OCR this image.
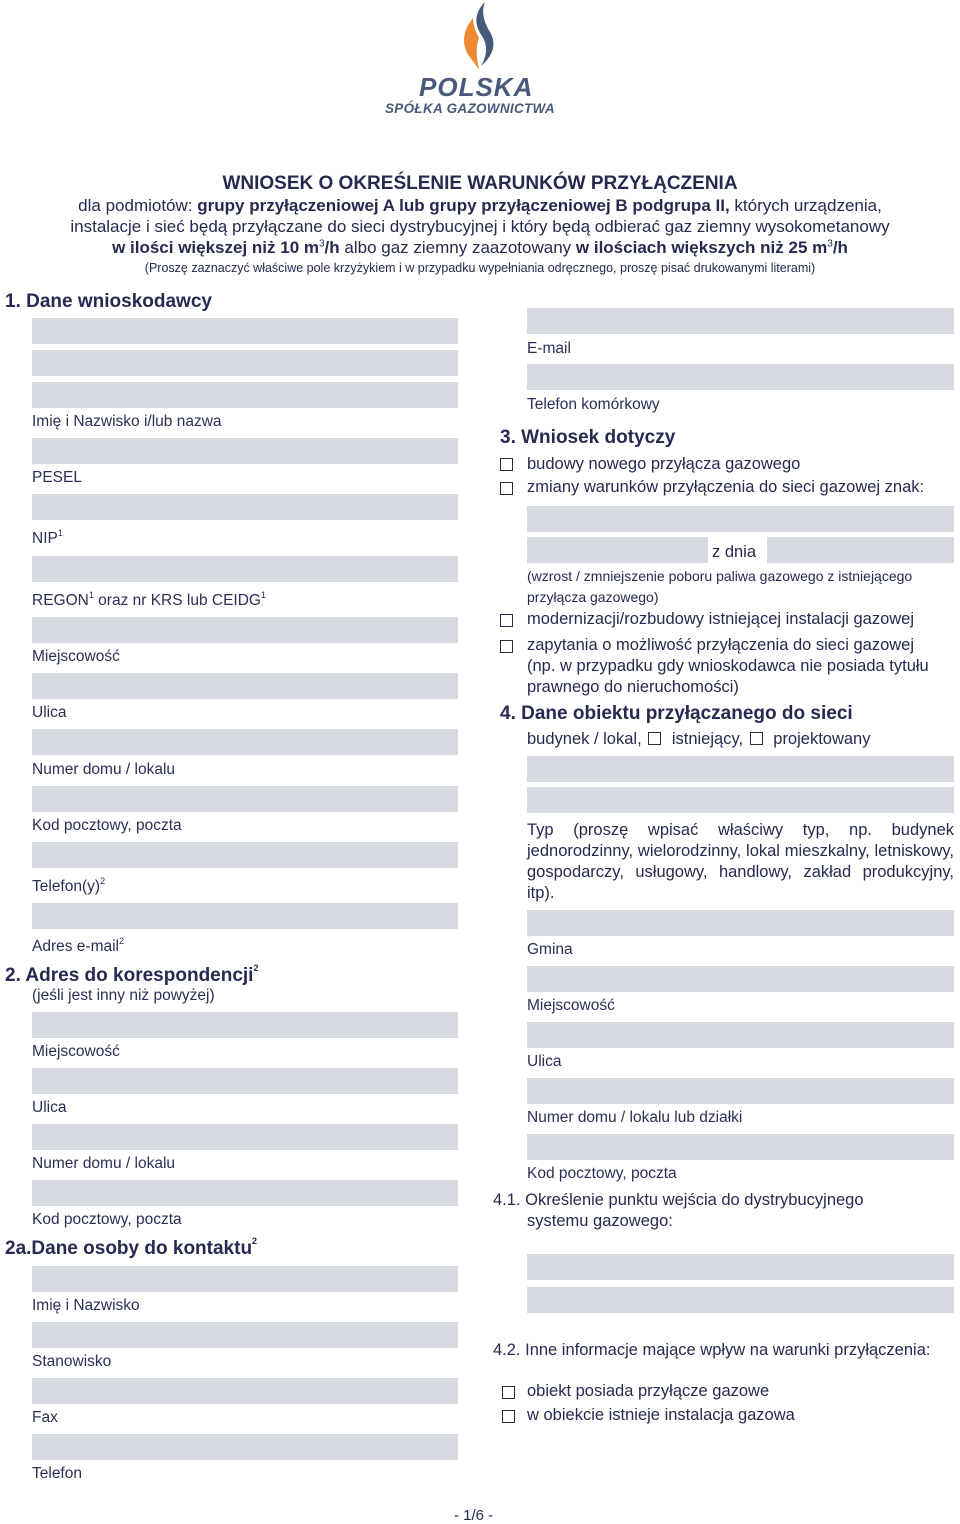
POLSKA
SPÓŁKA GAZOWNICTWA
WNIOSEK O OKREŚLENIE WARUNKÓW PRZYŁĄCZENIA
dla podmiotów: grupy przyłączeniowej A lub grupy przyłączeniowej B podgrupa II, których urządzenia,
instalacje i sieć będą przyłączane do sieci dystrybucyjnej i który będą odbierać gaz ziemny wysokometanowy
w ilości większej niż 10 $m^3/h$ albo gaz ziemny zaazotowany w ilościach większych niż 25 $m^3/h$
(Proszę zaznaczyć właściwe pole krzyżykiem i w przypadku wypełniania odręcznego, proszę pisać drukowanymi literami)
1. Dane wnioskodawcy
Imię i Nazwisko i/lub nazwa
PESEL
NIP$^1$
REGON$^1$ oraz nr KRS lub CEIDG$^1$
Miejscowość
Ulica
Numer domu / lokalu
Kod pocztowy, poczta
$Telefon(y)^2$
Adres e-mail$^2$
2. Adres do korespondencji$^2$
(jeśli jest inny niż powyżej)
Miejscowość
Ulica
Numer domu / lokalu
Kod pocztowy, poczta
2a.Dane osoby do kontaktu$^2$
Imię i Nazwisko
Stanowisko
Fax
Telefon
E-mail
Telefon komórkowy
3. Wniosek dotyczy
budowy nowego przyłącza gazowego
zmiany warunków przyłączenia do sieci gazowej znak:
z dnia
(wzrost / zmniejszenie poboru paliwa gazowego z istniejącego
przyłącza gazowego)
modernizacji/rozbudowy istniejącej instalacji gazowej
zapytania o możliwość przyłączenia do sieci gazowej
(np. w przypadku gdy wnioskodawca nie posiada tytułu
prawnego do nieruchomości)
4. Dane obiektu przyłączanego do sieci
budynek / lokal, istniejący, projektowany
Typ (proszę wpisać właściwy typ, np. budynek jednorodzinny, wielorodzinny, lokal mieszkalny, letniskowy, gospodarczy, usługowy, handlowy, zakład produkcyjny, itp).
Gmina
Miejscowość
Ulica
Numer domu / lokalu lub działki
Kod pocztowy, poczta
4.1. Określenie punktu wejścia do dystrybucyjnego
systemu gazowego:
4.2. Inne informacje mające wpływ na warunki przyłączenia:
obiekt posiada przyłącze gazowe
w obiekcie istnieje instalacja gazowa
- 1/6 -
